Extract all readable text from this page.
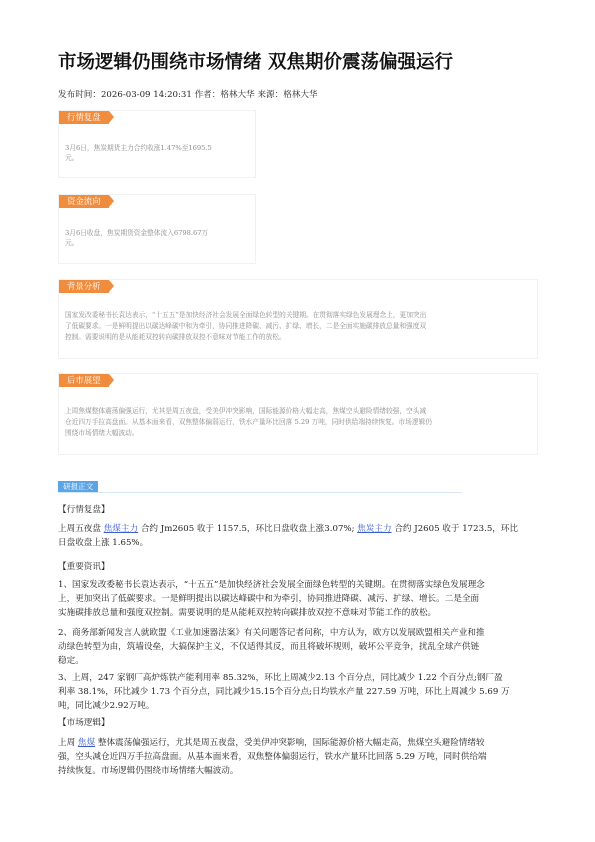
市场逻辑仍围绕市场情绪 双焦期价震荡偏强运行
发布时间：2026-03-09 14:20:31 作者：格林大华 来源：格林大华
行情复盘
3月6日，焦炭期货主力合约收涨1.47%至1695.5
元。
资金流向
3月6日收盘，焦炭期货资金整体流入6798.67万
元。
背景分析
国家发改委秘书长袁达表示，“十五五”是加快经济社会发展全面绿色转型的关键期。在贯彻落实绿色发展理念上，更加突出
了低碳要求。一是鲜明提出以碳达峰碳中和为牵引，协同推进降碳、减污、扩绿、增长，二是全面实施碳排放总量和强度双
控制。需要说明的是从能耗双控转向碳排放双控不意味对节能工作的放松。
后市展望
上周焦煤整体震荡偏强运行，尤其是周五夜盘，受美伊冲突影响，国际能源价格大幅走高，焦煤空头避险情绪较强，空头减
仓近四万手拉高盘面。从基本面来看，双焦整体偏弱运行，铁水产量环比回落 5.29 万吨，同时供给端持续恢复。市场逻辑仍
围绕市场情绪大幅波动。
研报正文
【行情复盘】
上周五夜盘 焦煤主力 合约 Jm2605 收于 1157.5，环比日盘收盘上涨3.07%; 焦炭主力 合约 J2605 收于 1723.5，环比
日盘收盘上涨 1.65%。
【重要资讯】
1、国家发改委秘书长袁达表示，“十五五”是加快经济社会发展全面绿色转型的关键期。在贯彻落实绿色发展理念
上，更加突出了低碳要求。一是鲜明提出以碳达峰碳中和为牵引，协同推进降碳、减污、扩绿、增长。二是全面
实施碳排放总量和强度双控制。需要说明的是从能耗双控转向碳排放双控不意味对节能工作的放松。
2、商务部新闻发言人就欧盟《工业加速器法案》有关问题答记者问称，中方认为，欧方以发展欧盟相关产业和推
动绿色转型为由，筑墙设垒，大搞保护主义，不仅适得其反，而且将破坏规则，破坏公平竞争，扰乱全球产供链
稳定。
3、上周，247 家钢厂高炉炼铁产能利用率 85.32%，环比上周减少2.13 个百分点，同比减少 1.22 个百分点;钢厂盈
利率 38.1%，环比减少 1.73 个百分点，同比减少15.15个百分点;日均铁水产量 227.59 万吨，环比上周减少 5.69 万
吨，同比减少2.92万吨。
【市场逻辑】
上周 焦煤 整体震荡偏强运行，尤其是周五夜盘，受美伊冲突影响，国际能源价格大幅走高，焦煤空头避险情绪较
强，空头减仓近四万手拉高盘面。从基本面来看，双焦整体偏弱运行，铁水产量环比回落 5.29 万吨，同时供给端
持续恢复。市场逻辑仍围绕市场情绪大幅波动。
